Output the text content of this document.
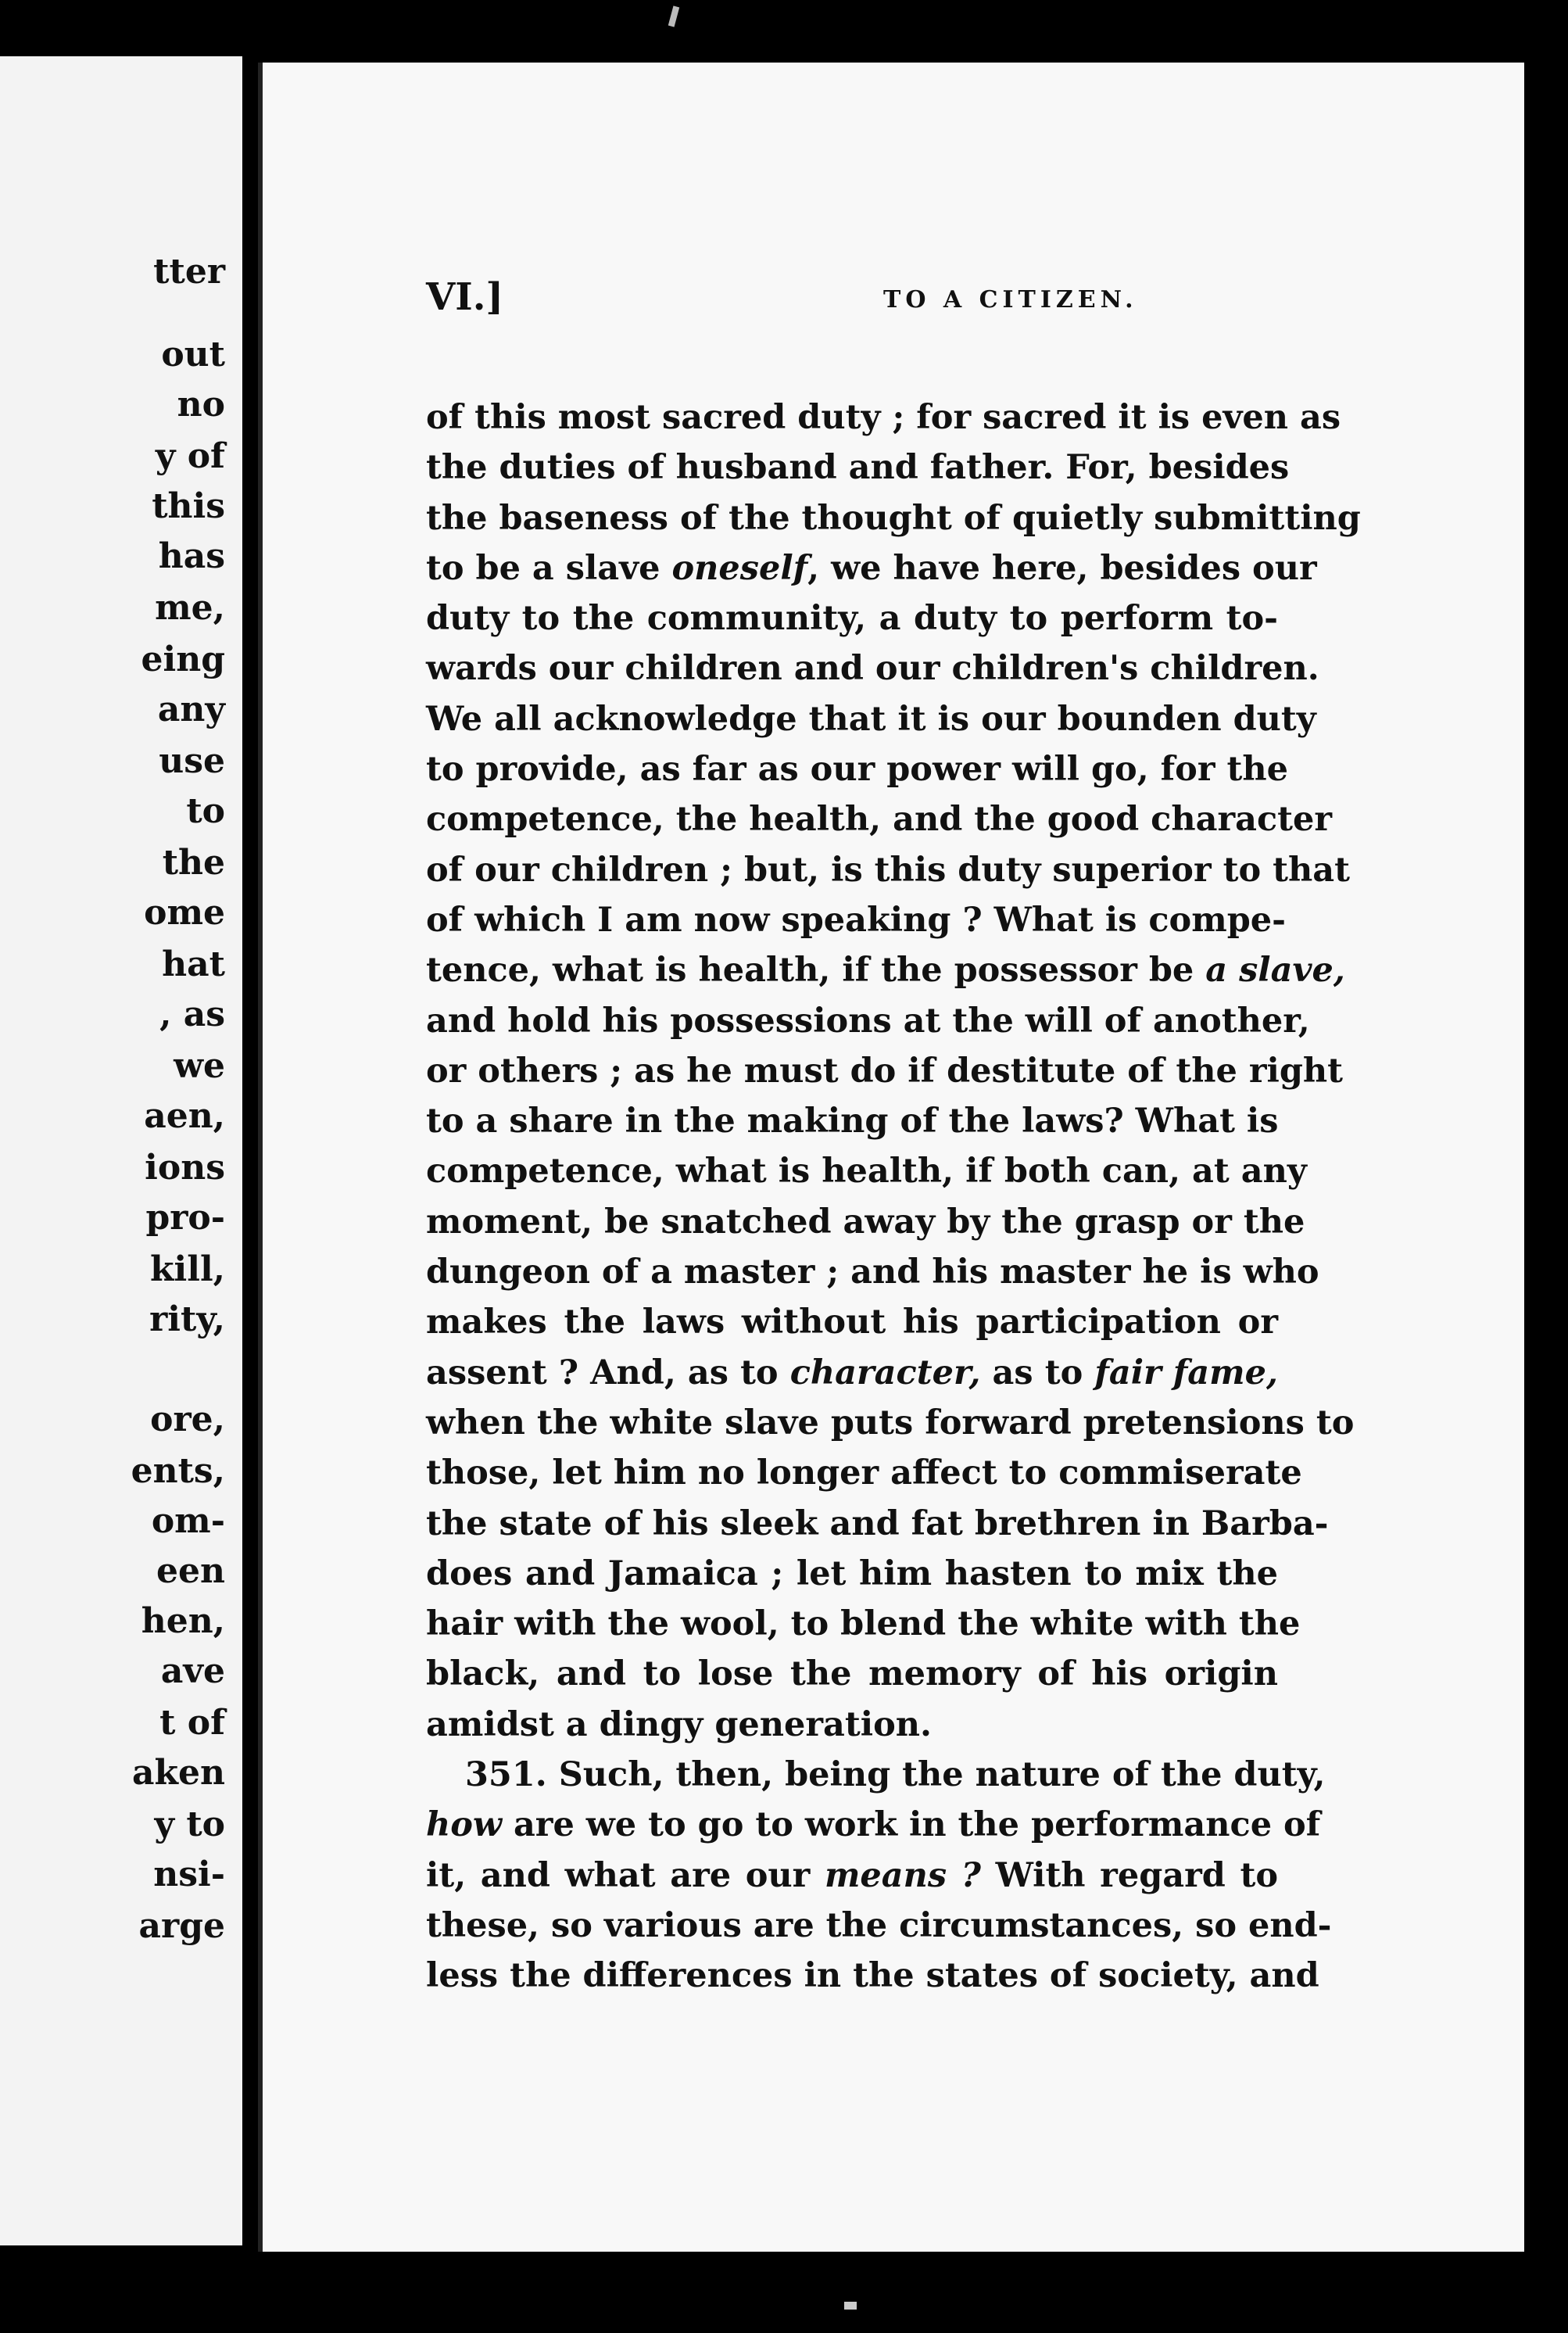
tter
out
no
y of
this
has
me,
eing
any
use
to
the
ome
hat
, as
we
aen,
ions
pro-
kill,
rity,
ore,
ents,
om-
een
hen,
ave
t of
aken
y to
nsi-
arge
VI.]	TO A CITIZEN.
of this most sacred duty ; for sacred it is even as
the duties of husband and father. For, besides
the baseness of the thought of quietly submitting
to be a slave oneself, we have here, besides our
duty to the community, a duty to perform to-
wards our children and our children's children.
We all acknowledge that it is our bounden duty
to provide, as far as our power will go, for the
competence, the health, and the good character
of our children ; but, is this duty superior to that
of which I am now speaking ? What is compe-
tence, what is health, if the possessor be a slave,
and hold his possessions at the will of another,
or others ; as he must do if destitute of the right
to a share in the making of the laws? What is
competence, what is health, if both can, at any
moment, be snatched away by the grasp or the
dungeon of a master ; and his master he is who
makes the laws without his participation or
assent ? And, as to character, as to fair fame,
when the white slave puts forward pretensions to
those, let him no longer affect to commiserate
the state of his sleek and fat brethren in Barba-
does and Jamaica ; let him hasten to mix the
hair with the wool, to blend the white with the
black, and to lose the memory of his origin
amidst a dingy generation.
351. Such, then, being the nature of the duty,
how are we to go to work in the performance of
it, and what are our means ? With regard to
these, so various are the circumstances, so end-
less the differences in the states of society, and
